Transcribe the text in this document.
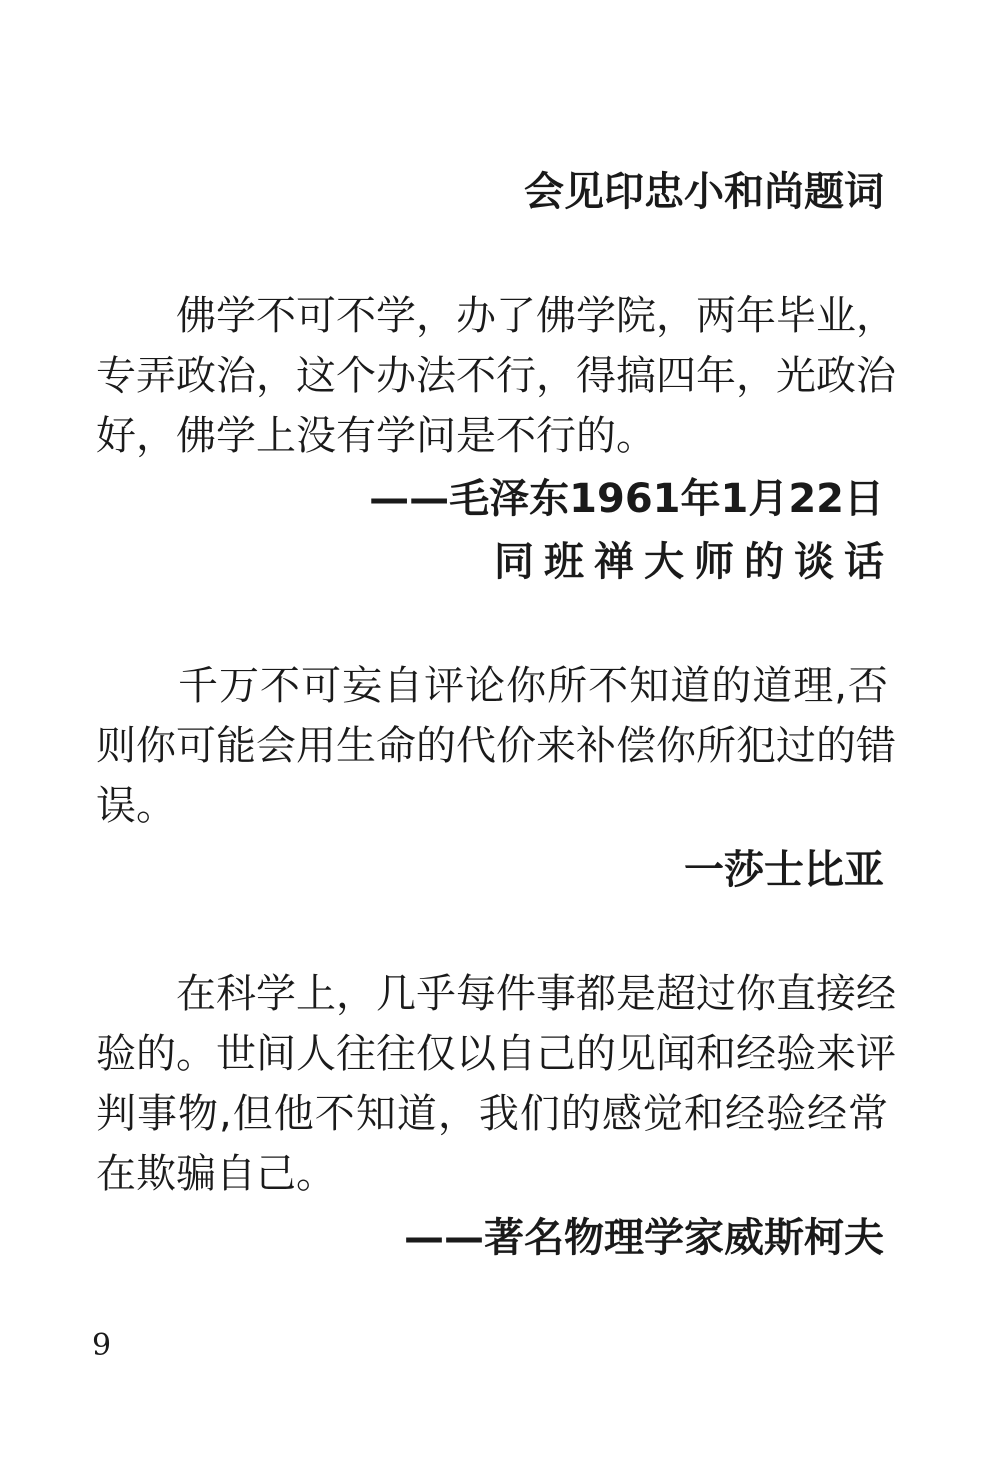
会见印忠小和尚题词
　　佛学不可不学，办了佛学院，两年毕业，
专弄政治，这个办法不行，得搞四年，光政治
好，佛学上没有学问是不行的。
——毛泽东1961年1月22日
同班禅大师的谈话
　　千万不可妄自评论你所不知道的道理,否
则你可能会用生命的代价来补偿你所犯过的错
误。
一莎士比亚
　　在科学上，几乎每件事都是超过你直接经
验的。世间人往往仅以自己的见闻和经验来评
判事物,但他不知道，我们的感觉和经验经常
在欺骗自己。
——著名物理学家威斯柯夫
9
